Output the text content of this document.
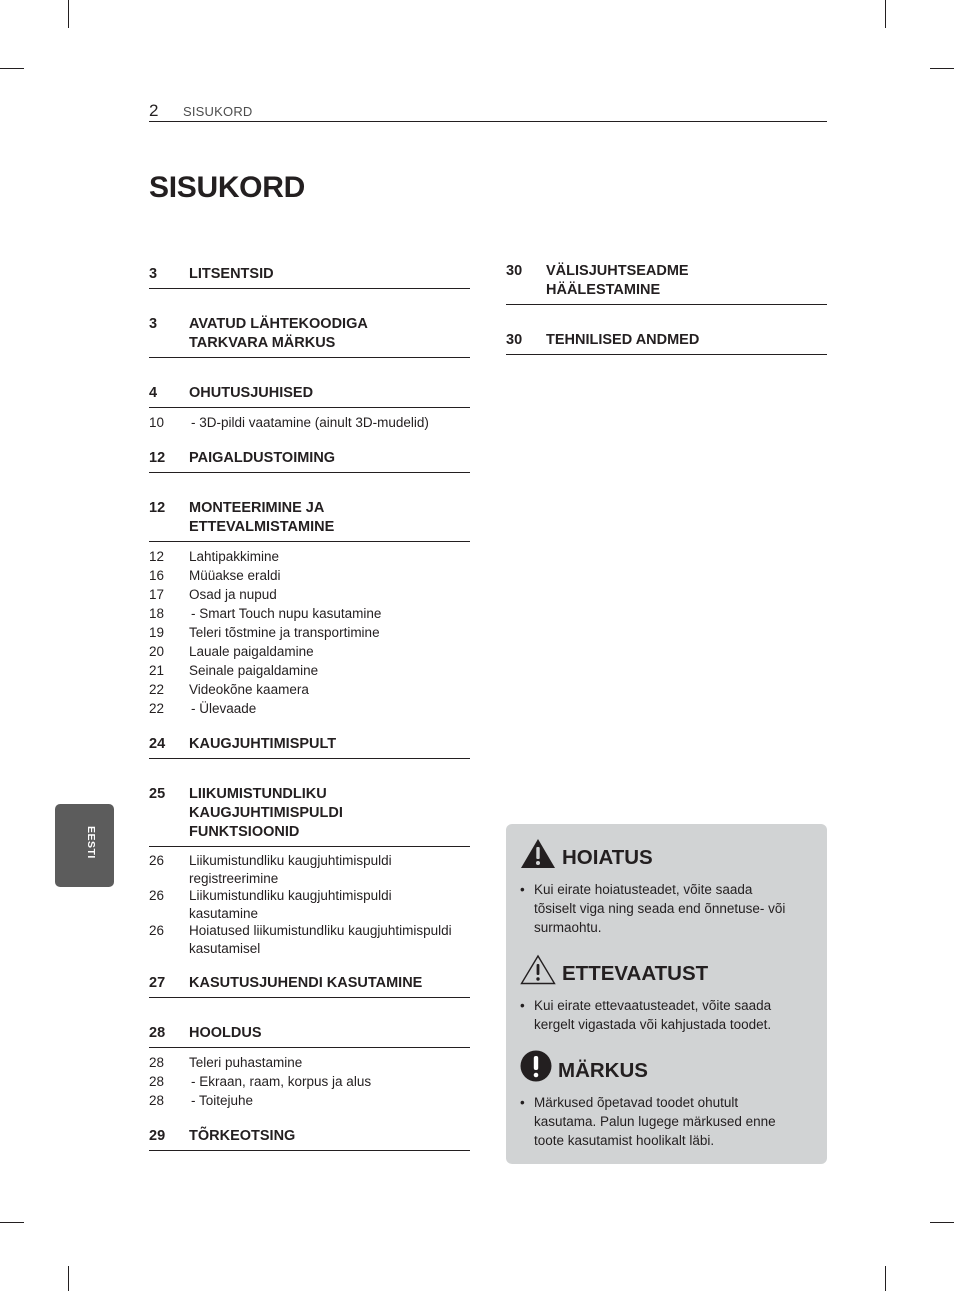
2 SISUKORD
SISUKORD
3	LITSENTSID
3	AVATUD LÄHTEKOODIGA
TARKVARA MÄRKUS
4	OHUTUSJUHISED
10	- 3D-pildi vaatamine (ainult 3D-mudelid)
12	PAIGALDUSTOIMING
12	MONTEERIMINE JA
ETTEVALMISTAMINE
12	Lahtipakkimine
16	Müüakse eraldi
17	Osad ja nupud
18	- Smart Touch nupu kasutamine
19	Teleri tõstmine ja transportimine
20	Lauale paigaldamine
21	Seinale paigaldamine
22	Videokõne kaamera
22	- Ülevaade
24	KAUGJUHTIMISPULT
25	LIIKUMISTUNDLIKU
KAUGJUHTIMISPULDI
FUNKTSIOONID
26	Liikumistundliku kaugjuhtimispuldi
registreerimine
26	Liikumistundliku kaugjuhtimispuldi
kasutamine
26	Hoiatused liikumistundliku kaugjuhtimispuldi
kasutamisel
27	KASUTUSJUHENDI KASUTAMINE
28	HOOLDUS
28	Teleri puhastamine
28	- Ekraan, raam, korpus ja alus
28	- Toitejuhe
29	TÕRKEOTSING
30	VÄLISJUHTSEADME
HÄÄLESTAMINE
30	TEHNILISED ANDMED
EESTI	HOIATUS
• Kui eirate hoiatusteadet, võite saada
tõsiselt viga ning seada end õnnetuse- või
surmaohtu.
ETTEVAATUST
• Kui eirate ettevaatusteadet, võite saada
kergelt vigastada või kahjustada toodet.
MÄRKUS
• Märkused õpetavad toodet ohutult
kasutama. Palun lugege märkused enne
toote kasutamist hoolikalt läbi.
